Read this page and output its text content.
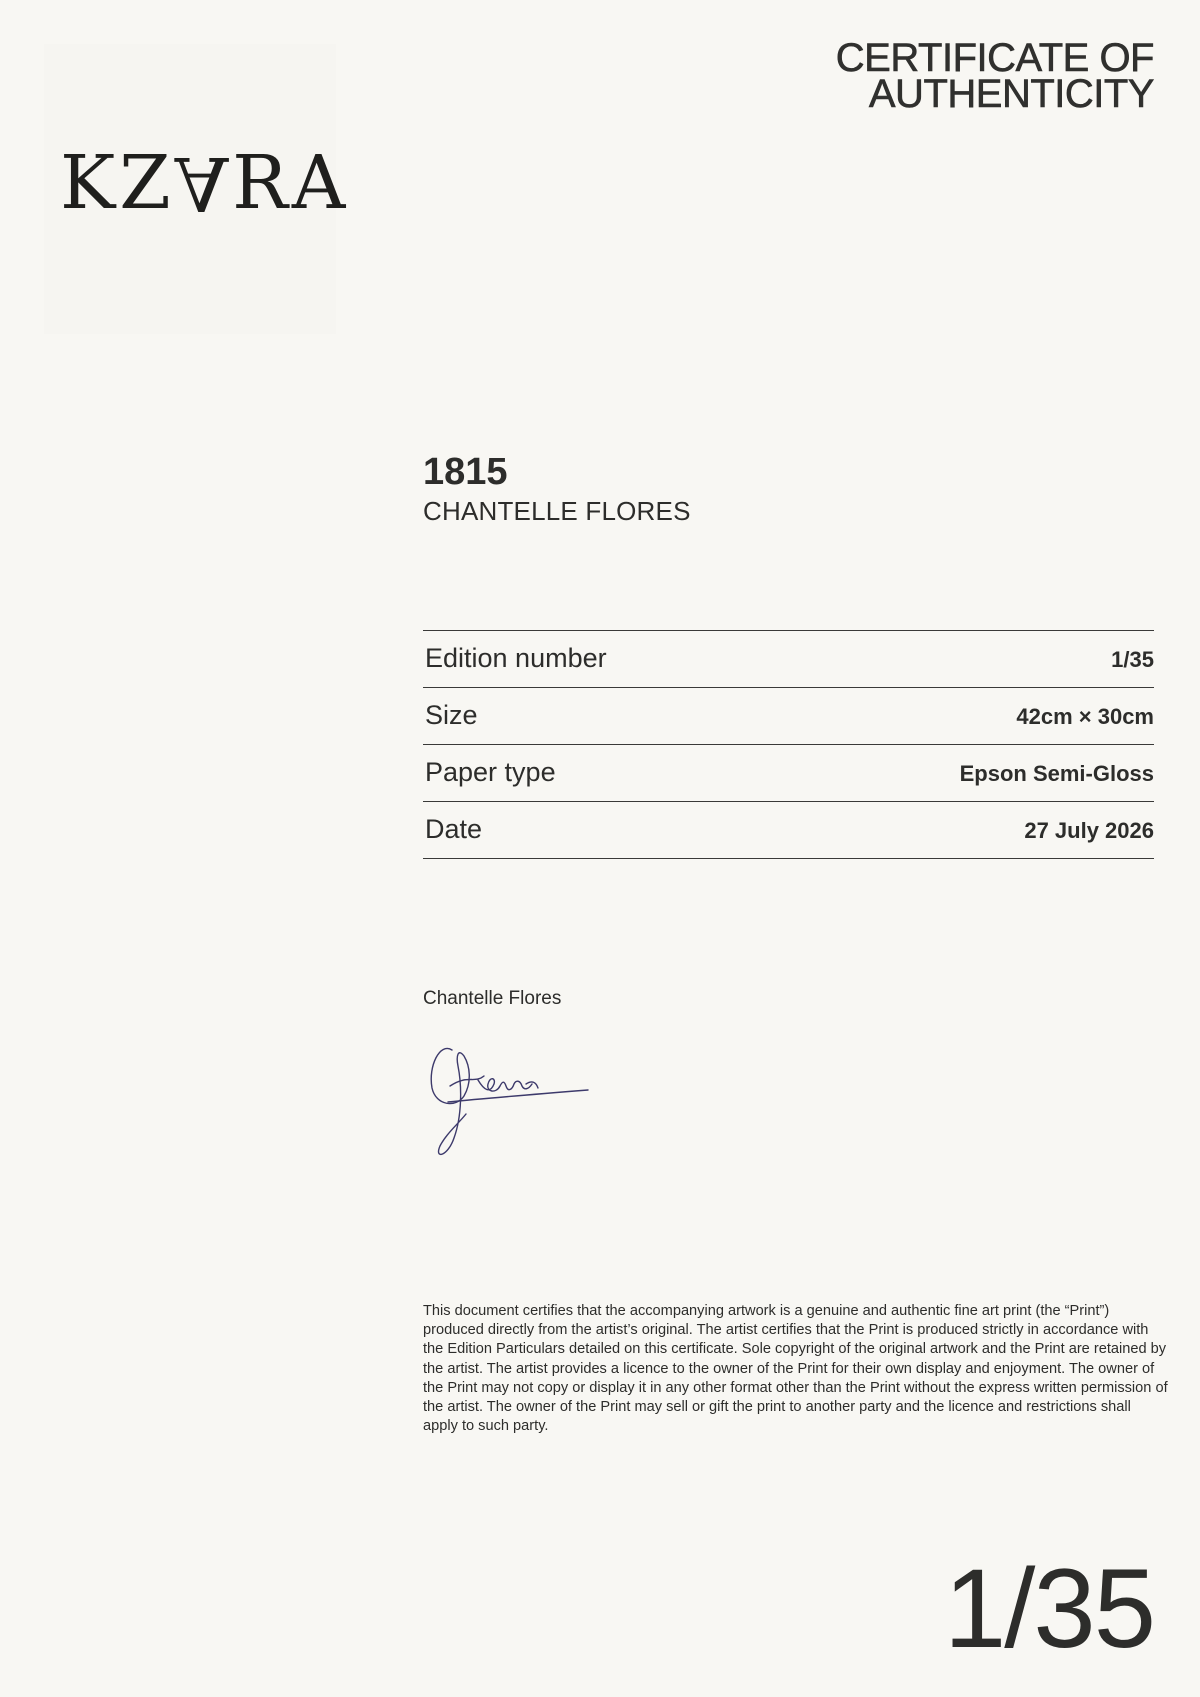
KZARA
CERTIFICATE OF
AUTHENTICITY
1815

CHANTELLE FLORES

Edition number	1/35
Size	42cm × 30cm
Paper type	Epson Semi-Gloss
Date	27 July 2026
Chantelle Flores

This document certifies that the accompanying artwork is a genuine and authentic fine art print (the “Print”) produced directly from the artist’s original. The artist certifies that the Print is produced strictly in accordance with the Edition Particulars detailed on this certificate. Sole copyright of the original artwork and the Print are retained by the artist. The artist provides a licence to the owner of the Print for their own display and enjoyment. The owner of the Print may not copy or display it in any other format other than the Print without the express written permission of the artist. The owner of the Print may sell or gift the print to another party and the licence and restrictions shall apply to such party.

1/35
